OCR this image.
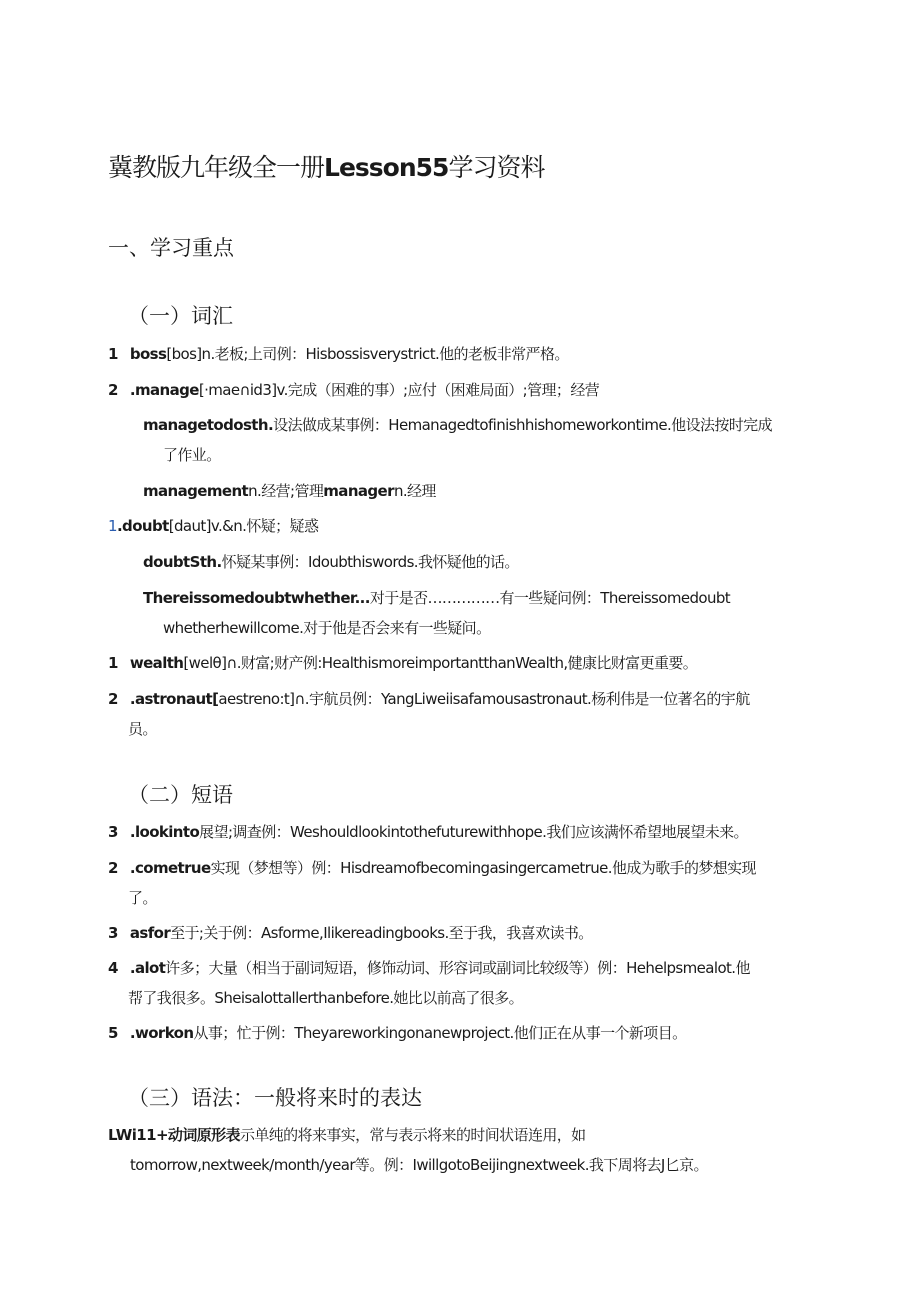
冀教版九年级全一册Lesson55学习资料
一、学习重点
（一）词汇
1 boss[bos]n.老板;上司例：Hisbossisverystrict.他的老板非常严格。
2 .manage[·mae∩id3]v.完成（困难的事）;应付（困难局面）;管理；经营
managetodosth.设法做成某事例：Hemanagedtofinishhishomeworkontime.他设法按时完成
了作业。
managementn.经营;管理managern.经理
1.doubt[daut]v.&n.怀疑；疑惑
doubtSth.怀疑某事例：Idoubthiswords.我怀疑他的话。
Thereissomedoubtwhether...对于是否……………有一些疑问例：Thereissomedoubt
whetherhewillcome.对于他是否会来有一些疑问。
1 wealth[welθ]∩.财富;财产例:HealthismoreimportantthanWealth,健康比财富更重要。
2 .astronaut[aestreno:t]∩.宇航员例：YangLiweiisafamousastronaut.杨利伟是一位著名的宇航
员。
（二）短语
3 .lookinto展望;调查例：Weshouldlookintothefuturewithhope.我们应该满怀希望地展望未来。
2 .cometrue实现（梦想等）例：Hisdreamofbecomingasingercametrue.他成为歌手的梦想实现
了。
3 asfor至于;关于例：Asforme,Ilikereadingbooks.至于我，我喜欢读书。
4 .alot许多；大量（相当于副词短语，修饰动词、形容词或副词比较级等）例：Hehelpsmealot.他
帮了我很多。Sheisalottallerthanbefore.她比以前高了很多。
5 .workon从事；忙于例：Theyareworkingonanewproject.他们正在从事一个新项目。
（三）语法：一般将来时的表达
LWi11+动词原形表示单纯的将来事实，常与表示将来的时间状语连用，如
tomorrow,nextweek/month/year等。例：IwillgotoBeijingnextweek.我下周将去J匕京。
